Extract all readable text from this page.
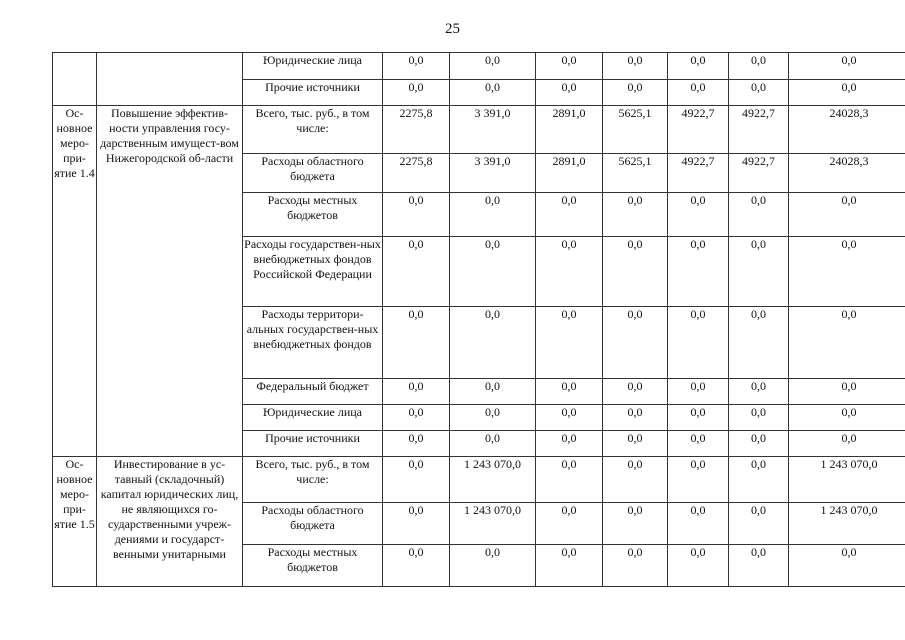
25
		Юридические лица	0,0	0,0	0,0	0,0	0,0	0,0	0,0
		Прочие источники	0,0	0,0	0,0	0,0	0,0	0,0	0,0
Ос-новное меро-при-ятие 1.4	Повышение эффектив-ности управления госу-дарственным имущест-вом Нижегородской об-ласти	Всего, тыс. руб., в том числе:	2275,8	3 391,0	2891,0	5625,1	4922,7	4922,7	24028,3
		Расходы областного бюджета	2275,8	3 391,0	2891,0	5625,1	4922,7	4922,7	24028,3
		Расходы местных бюджетов	0,0	0,0	0,0	0,0	0,0	0,0	0,0
		Расходы государствен-ных внебюджетных фондов Российской Федерации	0,0	0,0	0,0	0,0	0,0	0,0	0,0
		Расходы территори-альных государствен-ных внебюджетных фондов	0,0	0,0	0,0	0,0	0,0	0,0	0,0
		Федеральный бюджет	0,0	0,0	0,0	0,0	0,0	0,0	0,0
		Юридические лица	0,0	0,0	0,0	0,0	0,0	0,0	0,0
		Прочие источники	0,0	0,0	0,0	0,0	0,0	0,0	0,0
Ос-новное меро-при-ятие 1.5	Инвестирование в ус-тавный (складочный) капитал юридических лиц, не являющихся го-сударственными учреж-дениями и государст-венными унитарными	Всего, тыс. руб., в том числе:	0,0	1 243 070,0	0,0	0,0	0,0	0,0	1 243 070,0
		Расходы областного бюджета	0,0	1 243 070,0	0,0	0,0	0,0	0,0	1 243 070,0
		Расходы местных бюджетов	0,0	0,0	0,0	0,0	0,0	0,0	0,0
